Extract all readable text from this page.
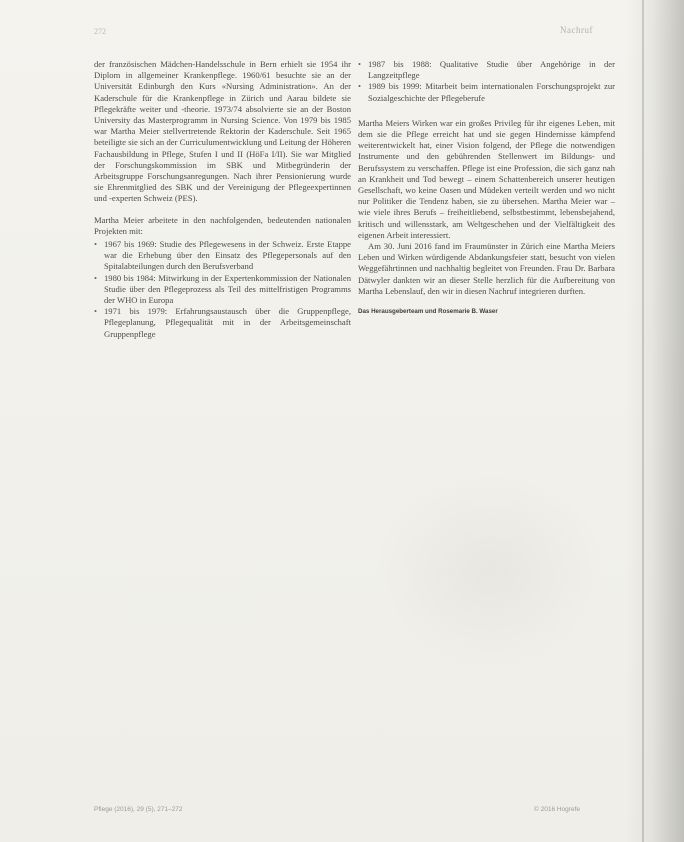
272	Nachruf

der französischen Mädchen-Handelsschule in Bern erhielt sie 1954 ihr Diplom in allgemeiner Krankenpflege. 1960/61 besuchte sie an der Universität Edinburgh den Kurs «Nursing Administration». An der Kaderschule für die Krankenpflege in Zürich und Aarau bildete sie Pflegekräfte weiter und -theorie. 1973/74 absolvierte sie an der Boston University das Masterprogramm in Nursing Science. Von 1979 bis 1985 war Martha Meier stellvertretende Rektorin der Kaderschule. Seit 1965 beteiligte sie sich an der Curriculumentwicklung und Leitung der Höheren Fachausbildung in Pflege, Stufen I und II (HöFa I/II). Sie war Mitglied der Forschungskommission im SBK und Mitbegründerin der Arbeitsgruppe Forschungsanregungen. Nach ihrer Pensionierung wurde sie Ehrenmitglied des SBK und der Vereinigung der Pflegeexpertinnen und -experten Schweiz (PES).

Martha Meier arbeitete in den nachfolgenden, bedeutenden nationalen Projekten mit:

• 1967 bis 1969: Studie des Pflegewesens in der Schweiz. Erste Etappe war die Erhebung über den Einsatz des Pflegepersonals auf den Spitalabteilungen durch den Berufsverband
• 1980 bis 1984: Mitwirkung in der Expertenkommission der Nationalen Studie über den Pflegeprozess als Teil des mittelfristigen Programms der WHO in Europa
• 1971 bis 1979: Erfahrungsaustausch über die Gruppenpflege, Pflegeplanung, Pflegequalität mit in der Arbeitsgemeinschaft Gruppenpflege
• 1987 bis 1988: Qualitative Studie über Angehörige in der Langzeitpflege
• 1989 bis 1999: Mitarbeit beim internationalen Forschungsprojekt zur Sozialgeschichte der Pflegeberufe

Martha Meiers Wirken war ein großes Privileg für ihr eigenes Leben, mit dem sie die Pflege erreicht hat und sie gegen Hindernisse kämpfend weiterentwickelt hat, einer Vision folgend, der Pflege die notwendigen Instrumente und den gebührenden Stellenwert im Bildungs- und Berufssystem zu verschaffen. Pflege ist eine Profession, die sich ganz nah an Krankheit und Tod bewegt – einem Schattenbereich unserer heutigen Gesellschaft, wo keine Oasen und Müdeken verteilt werden und wo nicht nur Politiker die Tendenz haben, sie zu übersehen. Martha Meier war – wie viele ihres Berufs – freiheitliebend, selbstbestimmt, lebensbejahend, kritisch und willensstark, am Weltgeschehen und der Vielfältigkeit des eigenen Arbeit interessiert.

Am 30. Juni 2016 fand im Fraumünster in Zürich eine Martha Meiers Leben und Wirken würdigende Abdankungsfeier statt, besucht von vielen Weggefährtinnen und nachhaltig begleitet von Freunden. Frau Dr. Barbara Dätwyler dankten wir an dieser Stelle herzlich für die Aufbereitung von Martha Lebenslauf, den wir in diesen Nachruf integrieren durften.

Das Herausgeberteam und Rosemarie B. Waser
Pflege (2016), 29 (5), 271–272	© 2016 Hogrefe
